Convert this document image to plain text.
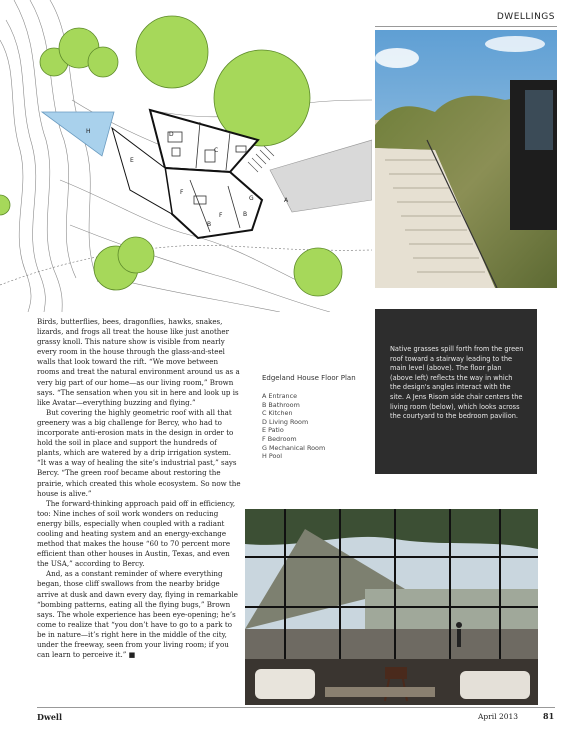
DWELLINGS
A
B
B
C
D
E
F
F
G
H
Native grasses spill forth from the green roof toward a stairway leading to the main level (above). The floor plan (above left) reflects the way in which the design's angles interact with the site. A Jens Risom side chair centers the living room (below), which looks across the courtyard to the bedroom pavilion.
Edgeland House Floor Plan
A Entrance
B Bathroom
C Kitchen
D Living Room
E Patio
F Bedroom
G Mechanical Room
H Pool

Birds, butterflies, bees, dragonflies, hawks, snakes, lizards, and frogs all treat the house like just another grassy knoll. This nature show is visible from nearly every room in the house through the glass-and-steel walls that look toward the rift. “We move between rooms and treat the natural environment around us as a very big part of our home—as our living room,” Brown says. “The sensation when you sit in here and look up is like Avatar—everything buzzing and flying.”

But covering the highly geometric roof with all that greenery was a big challenge for Bercy, who had to incorporate anti-erosion mats in the design in order to hold the soil in place and support the hundreds of plants, which are watered by a drip irrigation system. “It was a way of healing the site’s industrial past,” says Bercy. “The green roof became about restoring the prairie, which created this whole ecosystem. So now the house is alive.”

The forward-thinking approach paid off in efficiency, too: Nine inches of soil work wonders on reducing energy bills, especially when coupled with a radiant cooling and heating system and an energy-exchange method that makes the house “60 to 70 percent more efficient than other houses in Austin, Texas, and even the USA,” according to Bercy.

And, as a constant reminder of where everything began, those cliff swallows from the nearby bridge arrive at dusk and dawn every day, flying in remarkable “bombing patterns, eating all the flying bugs,” Brown says. The whole experience has been eye-opening; he’s come to realize that “you don’t have to go to a park to be in nature—it’s right here in the middle of the city, under the freeway, seen from your living room; if you can learn to perceive it.” ■

Dwell	April 2013	81
